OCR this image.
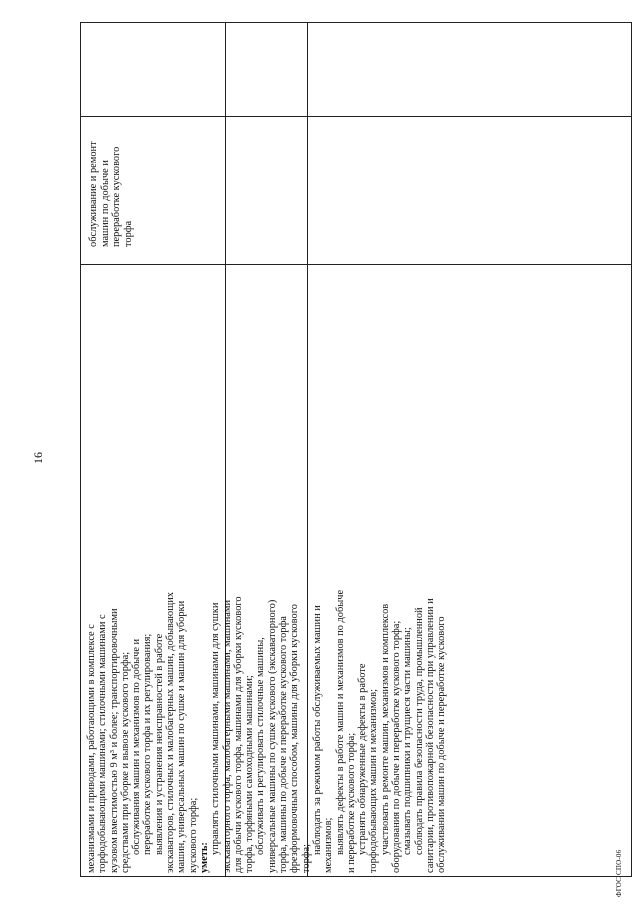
16
механизмами и приводами, работающими в комплексе с торфодобывающими машинами; стилочными машинами с кузовом вместимостью 9 м³ и более; транспортировочными средствами при уборке и вывозе кускового торфа; обслуживания машин и механизмов по добыче и переработке кускового торфа и их регулирования; выявления и устранения неисправностей в работе экскаваторов, стилочных и малобагерных машин, добывающих машин, универсальных машин по сушке и машин для уборки кускового торфа; уметь:
управлять стилочными машинами, машинами для сушки экскаваторного торфа, малобагерными машинами, машинами для добычи кускового торфа, машинами для уборки кускового торфа, торфяными самоходными машинами; обслуживать и регулировать стилочные машины, универсальные машины по сушке кускового (экскаваторного) торфа, машины по добыче и переработке кускового торфа фрезформовочным способом, машины для уборки кускового торфа;
наблюдать за режимом работы обслуживаемых машин и механизмов; выявлять дефекты в работе машин и механизмов по добыче и переработке кускового торфа; устранять обнаруженные дефекты в работе торфодобывающих машин и механизмов; участвовать в ремонте машин, механизмов и комплексов оборудования по добыче и переработке кускового торфа; смазывать подшипники и трущиеся части машины; соблюдать правила безопасности труда, промышленной санитарии, противопожарной безопасности при управлении и обслуживании машин по добыче и переработке кускового
обслуживание и ремонт машин по добыче и переработке кускового торфа
ФГОС СПО-06
